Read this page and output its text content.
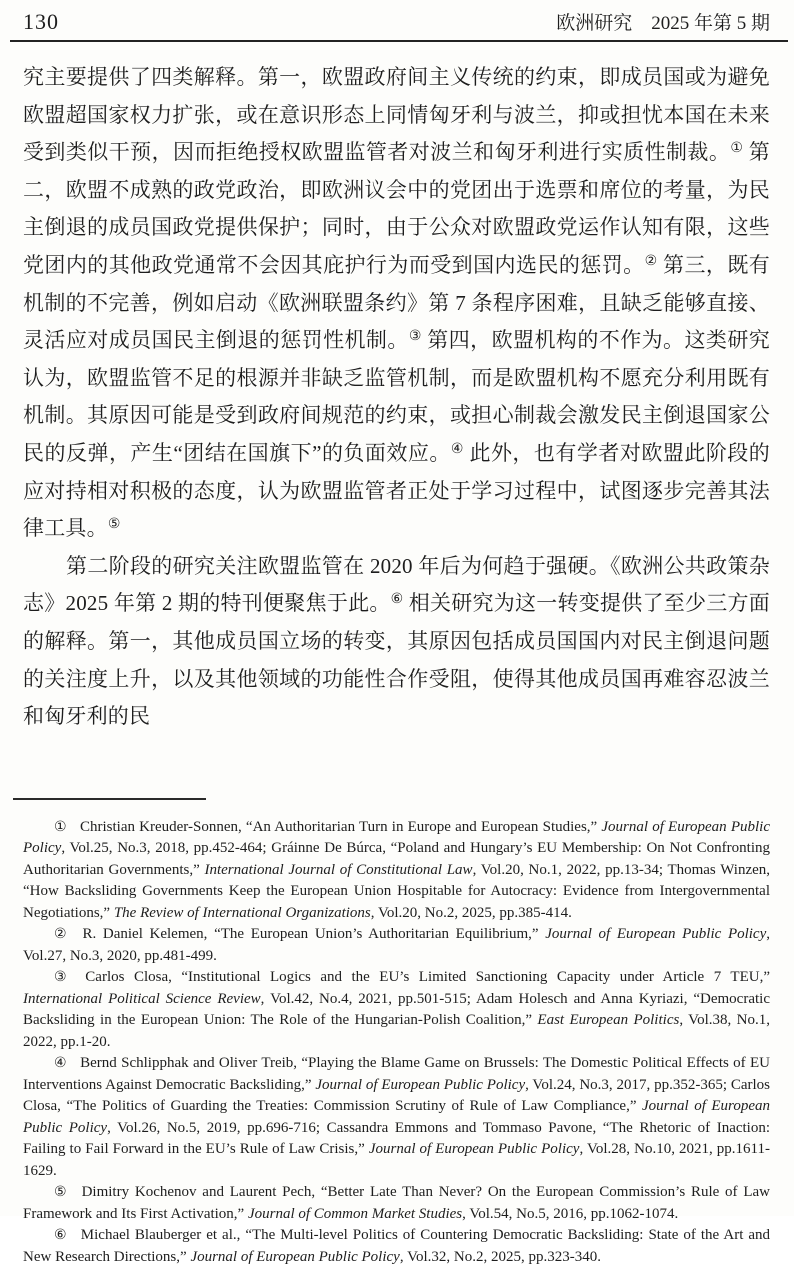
130	欧洲研究　2025 年第 5 期

究主要提供了四类解释。第一，欧盟政府间主义传统的约束，即成员国或为避免欧盟超国家权力扩张，或在意识形态上同情匈牙利与波兰，抑或担忧本国在未来受到类似干预，因而拒绝授权欧盟监管者对波兰和匈牙利进行实质性制裁。① 第二，欧盟不成熟的政党政治，即欧洲议会中的党团出于选票和席位的考量，为民主倒退的成员国政党提供保护；同时，由于公众对欧盟政党运作认知有限，这些党团内的其他政党通常不会因其庇护行为而受到国内选民的惩罚。② 第三，既有机制的不完善，例如启动《欧洲联盟条约》第 7 条程序困难，且缺乏能够直接、灵活应对成员国民主倒退的惩罚性机制。③ 第四，欧盟机构的不作为。这类研究认为，欧盟监管不足的根源并非缺乏监管机制，而是欧盟机构不愿充分利用既有机制。其原因可能是受到政府间规范的约束，或担心制裁会激发民主倒退国家公民的反弹，产生“团结在国旗下”的负面效应。④ 此外，也有学者对欧盟此阶段的应对持相对积极的态度，认为欧盟监管者正处于学习过程中，试图逐步完善其法律工具。⑤

第二阶段的研究关注欧盟监管在 2020 年后为何趋于强硬。《欧洲公共政策杂志》2025 年第 2 期的特刊便聚焦于此。⑥ 相关研究为这一转变提供了至少三方面的解释。第一，其他成员国立场的转变，其原因包括成员国国内对民主倒退问题的关注度上升，以及其他领域的功能性合作受阻，使得其他成员国再难容忍波兰和匈牙利的民

① Christian Kreuder-Sonnen, “An Authoritarian Turn in Europe and European Studies,” Journal of European Public Policy, Vol.25, No.3, 2018, pp.452-464; Gráinne De Búrca, “Poland and Hungary’s EU Membership: On Not Confronting Authoritarian Governments,” International Journal of Constitutional Law, Vol.20, No.1, 2022, pp.13-34; Thomas Winzen, “How Backsliding Governments Keep the European Union Hospitable for Autocracy: Evidence from Intergovernmental Negotiations,” The Review of International Organizations, Vol.20, No.2, 2025, pp.385-414.

② R. Daniel Kelemen, “The European Union’s Authoritarian Equilibrium,” Journal of European Public Policy, Vol.27, No.3, 2020, pp.481-499.

③ Carlos Closa, “Institutional Logics and the EU’s Limited Sanctioning Capacity under Article 7 TEU,” International Political Science Review, Vol.42, No.4, 2021, pp.501-515; Adam Holesch and Anna Kyriazi, “Democratic Backsliding in the European Union: The Role of the Hungarian-Polish Coalition,” East European Politics, Vol.38, No.1, 2022, pp.1-20.

④ Bernd Schlipphak and Oliver Treib, “Playing the Blame Game on Brussels: The Domestic Political Effects of EU Interventions Against Democratic Backsliding,” Journal of European Public Policy, Vol.24, No.3, 2017, pp.352-365; Carlos Closa, “The Politics of Guarding the Treaties: Commission Scrutiny of Rule of Law Compliance,” Journal of European Public Policy, Vol.26, No.5, 2019, pp.696-716; Cassandra Emmons and Tommaso Pavone, “The Rhetoric of Inaction: Failing to Fail Forward in the EU’s Rule of Law Crisis,” Journal of European Public Policy, Vol.28, No.10, 2021, pp.1611-1629.

⑤ Dimitry Kochenov and Laurent Pech, “Better Late Than Never? On the European Commission’s Rule of Law Framework and Its First Activation,” Journal of Common Market Studies, Vol.54, No.5, 2016, pp.1062-1074.

⑥ Michael Blauberger et al., “The Multi-level Politics of Countering Democratic Backsliding: State of the Art and New Research Directions,” Journal of European Public Policy, Vol.32, No.2, 2025, pp.323-340.
